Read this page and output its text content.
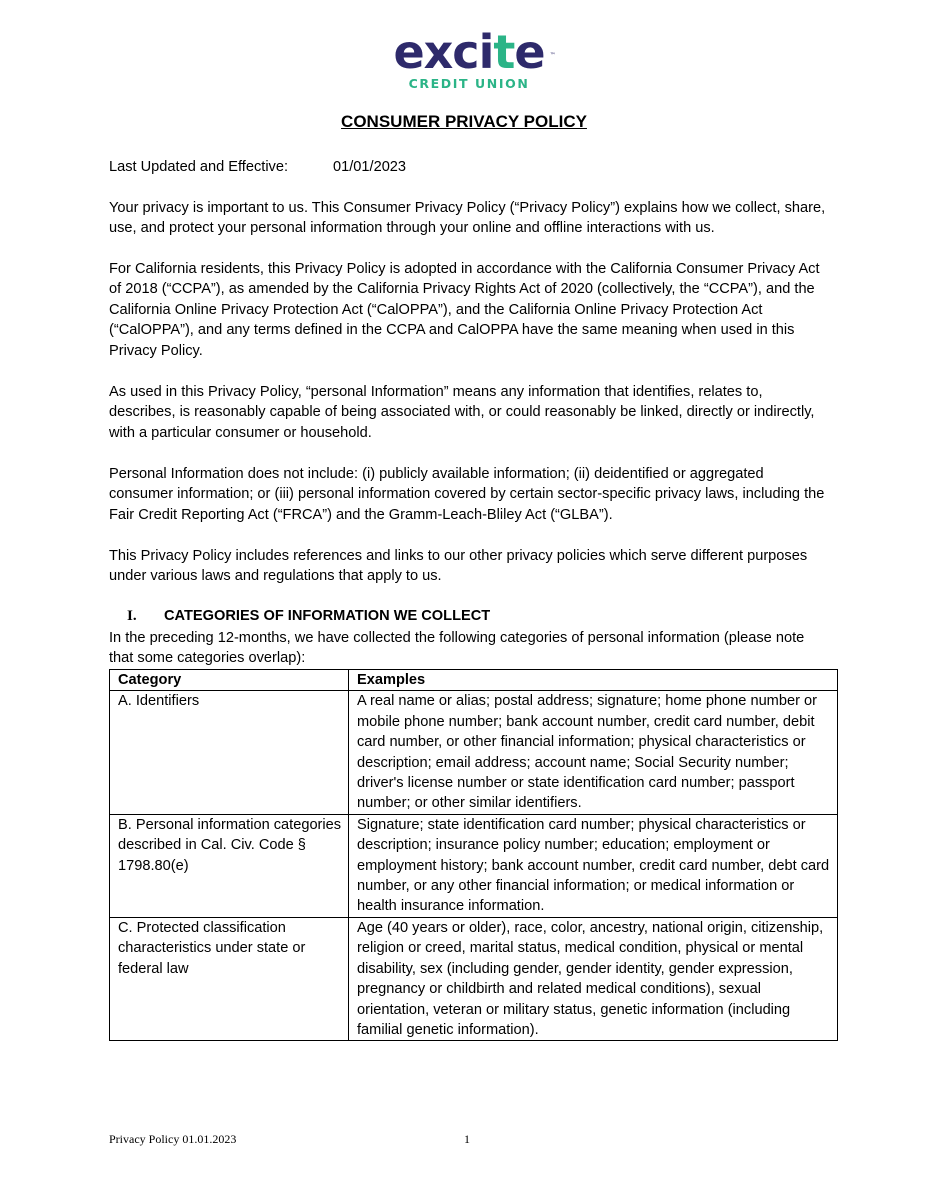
excite ™
CREDIT UNION
CONSUMER PRIVACY POLICY
Last Updated and Effective:	01/01/2023
Your privacy is important to us. This Consumer Privacy Policy (“Privacy Policy”) explains how we collect, share, use, and protect your personal information through your online and offline interactions with us.
For California residents, this Privacy Policy is adopted in accordance with the California Consumer Privacy Act of 2018 (“CCPA”), as amended by the California Privacy Rights Act of 2020 (collectively, the “CCPA”), and the California Online Privacy Protection Act (“CalOPPA”), and the California Online Privacy Protection Act (“CalOPPA”), and any terms defined in the CCPA and CalOPPA have the same meaning when used in this Privacy Policy.
As used in this Privacy Policy, “personal Information” means any information that identifies, relates to, describes, is reasonably capable of being associated with, or could reasonably be linked, directly or indirectly, with a particular consumer or household.
Personal Information does not include: (i) publicly available information; (ii) deidentified or aggregated consumer information; or (iii) personal information covered by certain sector-specific privacy laws, including the Fair Credit Reporting Act (“FRCA”) and the Gramm-Leach-Bliley Act (“GLBA”).
This Privacy Policy includes references and links to our other privacy policies which serve different purposes under various laws and regulations that apply to us.
I. CATEGORIES OF INFORMATION WE COLLECT
In the preceding 12-months, we have collected the following categories of personal information (please note that some categories overlap):
Category	Examples
A. Identifiers	A real name or alias; postal address; signature; home phone number or mobile phone number; bank account number, credit card number, debit card number, or other financial information; physical characteristics or description; email address; account name; Social Security number; driver's license number or state identification card number; passport number; or other similar identifiers.
B. Personal information categories described in Cal. Civ. Code § 1798.80(e)	Signature; state identification card number; physical characteristics or description; insurance policy number; education; employment or employment history; bank account number, credit card number, debt card number, or any other financial information; or medical information or health insurance information.
C. Protected classification characteristics under state or federal law	Age (40 years or older), race, color, ancestry, national origin, citizenship, religion or creed, marital status, medical condition, physical or mental disability, sex (including gender, gender identity, gender expression, pregnancy or childbirth and related medical conditions), sexual orientation, veteran or military status, genetic information (including familial genetic information).
Privacy Policy 01.01.2023	1
